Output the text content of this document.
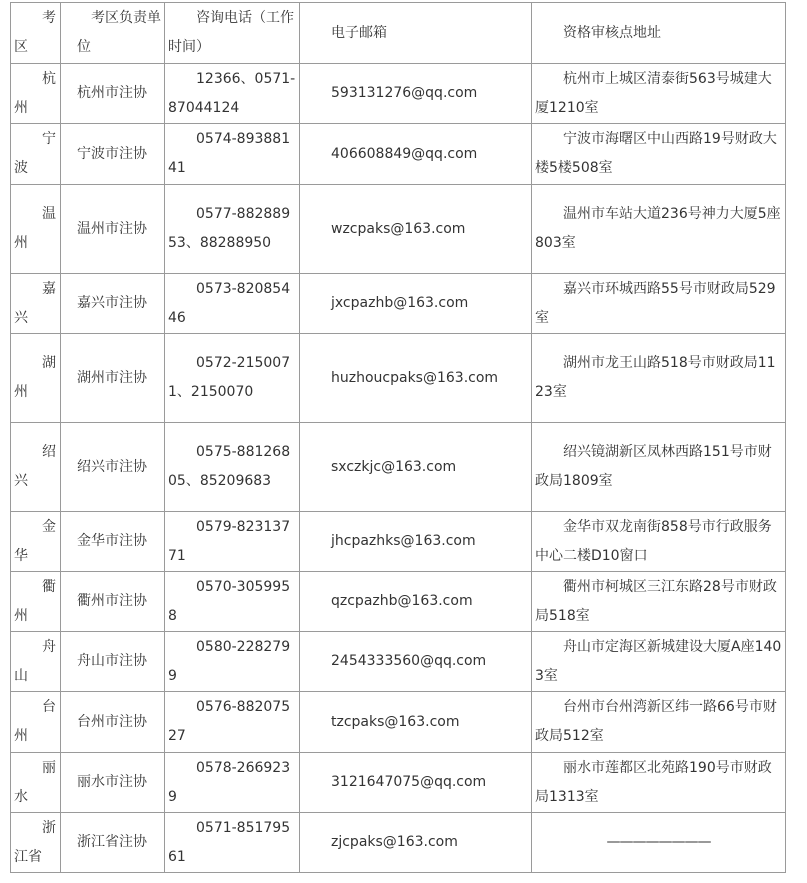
考区	考区负责单位	咨询电话（工作时间）	电子邮箱	资格审核点地址
杭州	杭州市注协	12366、0571-87044124	593131276@qq.com	杭州市上城区清泰街563号城建大厦1210室
宁波	宁波市注协	0574-89388141	406608849@qq.com	宁波市海曙区中山西路19号财政大楼5楼508室
温州	温州市注协	0577-88288953、88288950	wzcpaks@163.com	温州市车站大道236号神力大厦5座803室
嘉兴	嘉兴市注协	0573-82085446	jxcpazhb@163.com	嘉兴市环城西路55号市财政局529室
湖州	湖州市注协	0572-2150071、2150070	huzhoucpaks@163.com	湖州市龙王山路518号市财政局1123室
绍兴	绍兴市注协	0575-88126805、85209683	sxczkjc@163.com	绍兴镜湖新区凤林西路151号市财政局1809室
金华	金华市注协	0579-82313771	jhcpazhks@163.com	金华市双龙南街858号市行政服务中心二楼D10窗口
衢州	衢州市注协	0570-3059958	qzcpazhb@163.com	衢州市柯城区三江东路28号市财政局518室
舟山	舟山市注协	0580-2282799	2454333560@qq.com	舟山市定海区新城建设大厦A座1403室
台州	台州市注协	0576-88207527	tzcpaks@163.com	台州市台州湾新区纬一路66号市财政局512室
丽水	丽水市注协	0578-2669239	3121647075@qq.com	丽水市莲都区北苑路190号市财政局1313室
浙江省	浙江省注协	0571-85179561	zjcpaks@163.com	————————
